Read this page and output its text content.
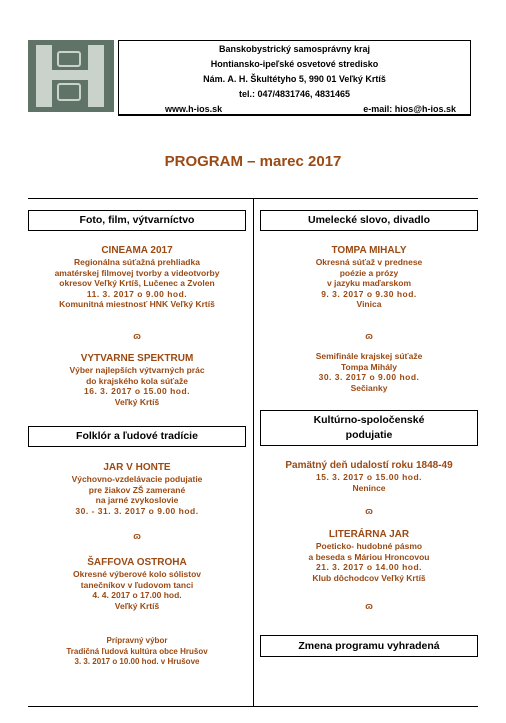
Banskobystrický samosprávny kraj
Hontiansko-ipeľské osvetové stredisko
Nám. A. H. Škultétyho 5, 990 01 Veľký Krtíš
tel.: 047/4831746, 4831465
www.h-ios.sk	e-mail: hios@h-ios.sk
PROGRAM – marec 2017
Foto, film, výtvarníctvo
CINEAMA 2017
Regionálna súťažná prehliadka
amatérskej filmovej tvorby a videotvorby
okresov Veľký Krtíš, Lučenec a Zvolen
11. 3. 2017 o 9.00 hod.
Komunitná miestnosť HNK Veľký Krtíš
ɷ
VYTVARNE SPEKTRUM
Výber najlepších výtvarných prác
do krajského kola súťaže
16. 3. 2017 o 15.00 hod.
Veľký Krtíš
Folklór a ľudové tradície
JAR V HONTE
Výchovno-vzdelávacie podujatie
pre žiakov ZŠ zamerané
na jarné zvykoslovie
30. - 31. 3. 2017 o 9.00 hod.
ɷ
ŠAFFOVA OSTROHA
Okresné výberové kolo sólistov
tanečníkov v ľudovom tanci
4. 4. 2017 o 17.00 hod.
Veľký Krtíš
Prípravný výbor
Tradičná ľudová kultúra obce Hrušov
3. 3. 2017 o 10.00 hod. v Hrušove
Umelecké slovo, divadlo
TOMPA MIHALY
Okresná súťaž v prednese
poézie a prózy
v jazyku maďarskom
9. 3. 2017 o 9.30 hod.
Vinica
ɷ
Semifinále krajskej súťaže
Tompa Mihály
30. 3. 2017 o 9.00 hod.
Sečianky
Kultúrno-spoločenské
podujatie
Pamätný deň udalostí roku 1848-49
15. 3. 2017 o 15.00 hod.
Nenince
ɷ
LITERÁRNA JAR
Poeticko- hudobné pásmo
a beseda s Máriou Hroncovou
21. 3. 2017 o 14.00 hod.
Klub dôchodcov Veľký Krtíš
ɷ
Zmena programu vyhradená
